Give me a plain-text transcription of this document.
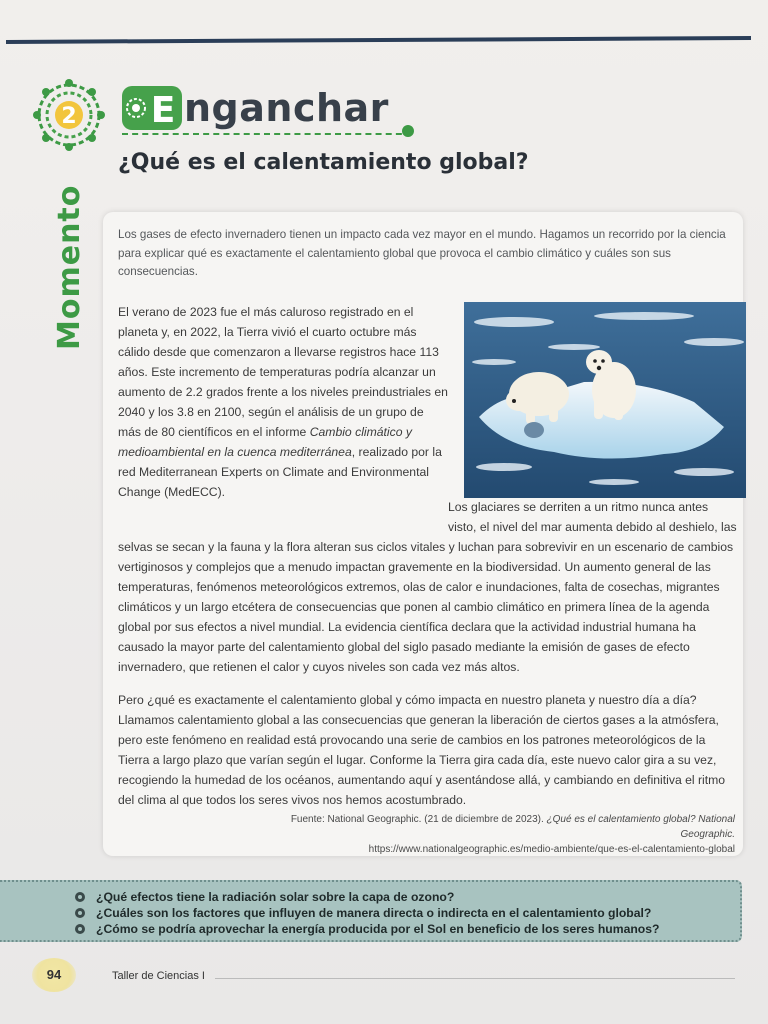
2
Momento
E nganchar
¿Qué es el calentamiento global?
Los gases de efecto invernadero tienen un impacto cada vez mayor en el mundo. Hagamos un recorrido por la ciencia para explicar qué es exactamente el calentamiento global que provoca el cambio climático y cuáles son sus consecuencias.
El verano de 2023 fue el más caluroso registrado en el planeta y, en 2022, la Tierra vivió el cuarto octubre más cálido desde que comenzaron a llevarse registros hace 113 años. Este incremento de temperaturas podría alcanzar un aumento de 2.2 grados frente a los niveles preindustriales en 2040 y los 3.8 en 2100, según el análisis de un grupo de más de 80 científicos en el informe Cambio climático y medioambiental en la cuenca mediterránea, realizado por la red Mediterranean Experts on Climate and Environmental Change (MedECC).
Los glaciares se derriten a un ritmo nunca antes visto, el nivel del mar aumenta debido al deshielo, las selvas se secan y la fauna y la flora alteran sus ciclos vitales y luchan para sobrevivir en un escenario de cambios vertiginosos y complejos que a menudo impactan gravemente en la biodiversidad. Un aumento general de las temperaturas, fenómenos meteorológicos extremos, olas de calor e inundaciones, falta de cosechas, migrantes climáticos y un largo etcétera de consecuencias que ponen al cambio climático en primera línea de la agenda global por sus efectos a nivel mundial. La evidencia científica declara que la actividad industrial humana ha causado la mayor parte del calentamiento global del siglo pasado mediante la emisión de gases de efecto invernadero, que retienen el calor y cuyos niveles son cada vez más altos.
Pero ¿qué es exactamente el calentamiento global y cómo impacta en nuestro planeta y nuestro día a día? Llamamos calentamiento global a las consecuencias que generan la liberación de ciertos gases a la atmósfera, pero este fenómeno en realidad está provocando una serie de cambios en los patrones meteorológicos de la Tierra a largo plazo que varían según el lugar. Conforme la Tierra gira cada día, este nuevo calor gira a su vez, recogiendo la humedad de los océanos, aumentando aquí y asentándose allá, y cambiando en definitiva el ritmo del clima al que todos los seres vivos nos hemos acostumbrado.
Fuente: National Geographic. (21 de diciembre de 2023). ¿Qué es el calentamiento global? National Geographic.
https://www.nationalgeographic.es/medio-ambiente/que-es-el-calentamiento-global
¿Qué efectos tiene la radiación solar sobre la capa de ozono?
¿Cuáles son los factores que influyen de manera directa o indirecta en el calentamiento global?
¿Cómo se podría aprovechar la energía producida por el Sol en beneficio de los seres humanos?
94	Taller de Ciencias I
